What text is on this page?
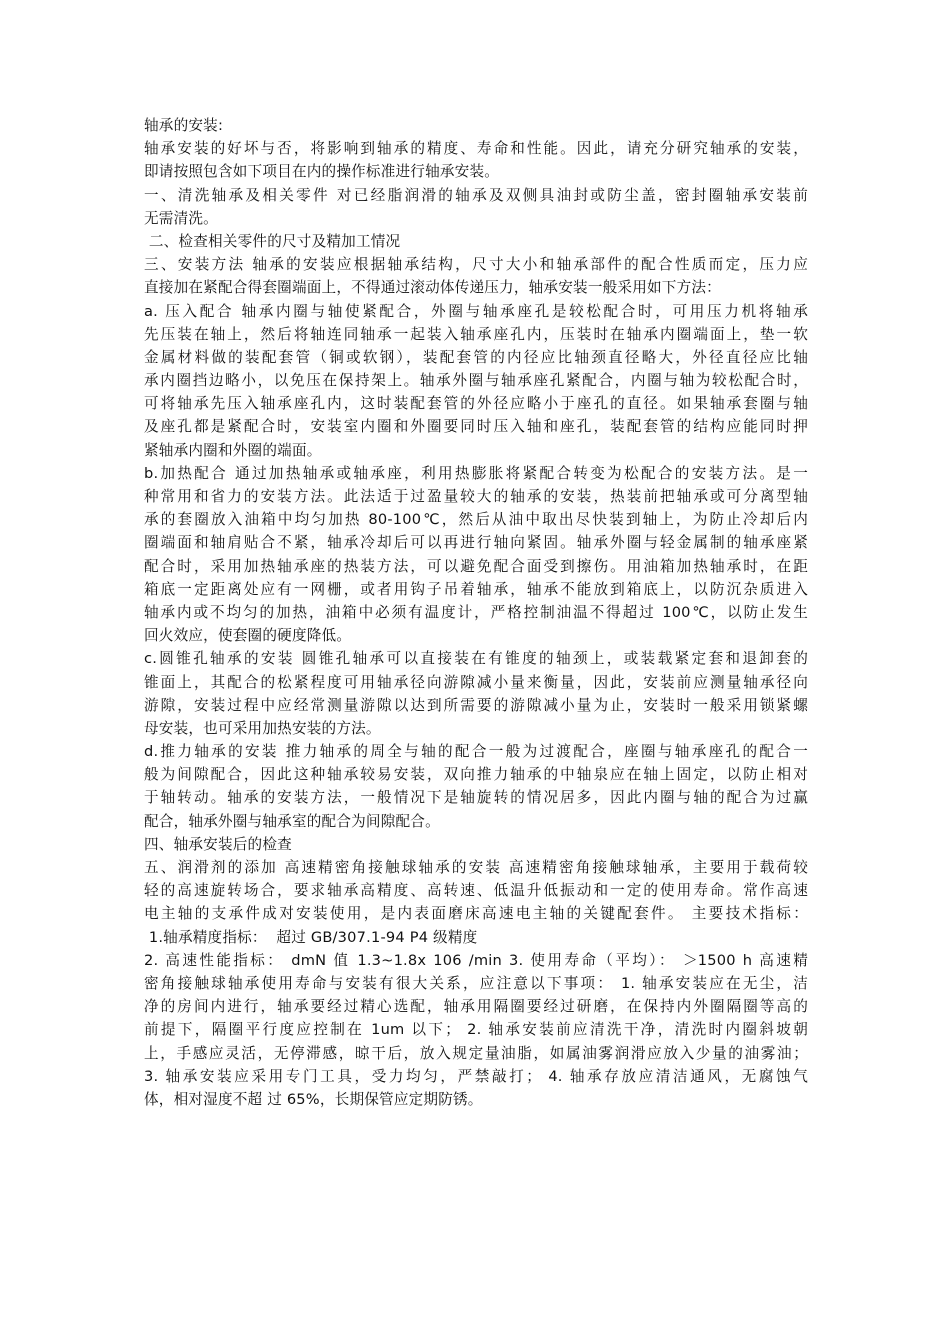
轴承的安装:
轴承安装的好坏与否，将影响到轴承的精度、寿命和性能。因此，请充分研究轴承的安装，
即请按照包含如下项目在内的操作标准进行轴承安装。
一、清洗轴承及相关零件 对已经脂润滑的轴承及双侧具油封或防尘盖，密封圈轴承安装前
无需清洗。
二、检查相关零件的尺寸及精加工情况
三、安装方法 轴承的安装应根据轴承结构，尺寸大小和轴承部件的配合性质而定，压力应
直接加在紧配合得套圈端面上，不得通过滚动体传递压力，轴承安装一般采用如下方法：
a. 压入配合 轴承内圈与轴使紧配合，外圈与轴承座孔是较松配合时，可用压力机将轴承
先压装在轴上，然后将轴连同轴承一起装入轴承座孔内，压装时在轴承内圈端面上，垫一软
金属材料做的装配套管（铜或软钢），装配套管的内径应比轴颈直径略大，外径直径应比轴
承内圈挡边略小，以免压在保持架上。轴承外圈与轴承座孔紧配合，内圈与轴为较松配合时，
可将轴承先压入轴承座孔内，这时装配套管的外径应略小于座孔的直径。如果轴承套圈与轴
及座孔都是紧配合时，安装室内圈和外圈要同时压入轴和座孔，装配套管的结构应能同时押
紧轴承内圈和外圈的端面。
b.加热配合 通过加热轴承或轴承座，利用热膨胀将紧配合转变为松配合的安装方法。是一
种常用和省力的安装方法。此法适于过盈量较大的轴承的安装，热装前把轴承或可分离型轴
承的套圈放入油箱中均匀加热 80-100℃，然后从油中取出尽快装到轴上，为防止冷却后内
圈端面和轴肩贴合不紧，轴承冷却后可以再进行轴向紧固。轴承外圈与轻金属制的轴承座紧
配合时，采用加热轴承座的热装方法，可以避免配合面受到擦伤。用油箱加热轴承时，在距
箱底一定距离处应有一网栅，或者用钩子吊着轴承，轴承不能放到箱底上，以防沉杂质进入
轴承内或不均匀的加热，油箱中必须有温度计，严格控制油温不得超过 100℃，以防止发生
回火效应，使套圈的硬度降低。
c.圆锥孔轴承的安装 圆锥孔轴承可以直接装在有锥度的轴颈上，或装载紧定套和退卸套的
锥面上，其配合的松紧程度可用轴承径向游隙减小量来衡量，因此，安装前应测量轴承径向
游隙，安装过程中应经常测量游隙以达到所需要的游隙减小量为止，安装时一般采用锁紧螺
母安装，也可采用加热安装的方法。
d.推力轴承的安装 推力轴承的周全与轴的配合一般为过渡配合，座圈与轴承座孔的配合一
般为间隙配合，因此这种轴承较易安装，双向推力轴承的中轴泉应在轴上固定，以防止相对
于轴转动。轴承的安装方法，一般情况下是轴旋转的情况居多，因此内圈与轴的配合为过赢
配合，轴承外圈与轴承室的配合为间隙配合。
四、轴承安装后的检查
五、润滑剂的添加 高速精密角接触球轴承的安装 高速精密角接触球轴承，主要用于载荷较
轻的高速旋转场合，要求轴承高精度、高转速、低温升低振动和一定的使用寿命。常作高速
电主轴的支承件成对安装使用，是内表面磨床高速电主轴的关键配套件。 主要技术指标：
1.轴承精度指标：  超过 GB/307.1-94 P4 级精度
2. 高速性能指标： dmN 值 1.3~1.8x 106 /min 3. 使用寿命（平均）： ＞1500 h 高速精
密角接触球轴承使用寿命与安装有很大关系，应注意以下事项： 1. 轴承安装应在无尘，洁
净的房间内进行，轴承要经过精心选配，轴承用隔圈要经过研磨，在保持内外圈隔圈等高的
前提下，隔圈平行度应控制在 1um 以下； 2. 轴承安装前应清洗干净，清洗时内圈斜坡朝
上，手感应灵活，无停滞感，晾干后，放入规定量油脂，如属油雾润滑应放入少量的油雾油；
3. 轴承安装应采用专门工具，受力均匀，严禁敲打； 4. 轴承存放应清洁通风，无腐蚀气
体，相对湿度不超 过 65%，长期保管应定期防锈。
